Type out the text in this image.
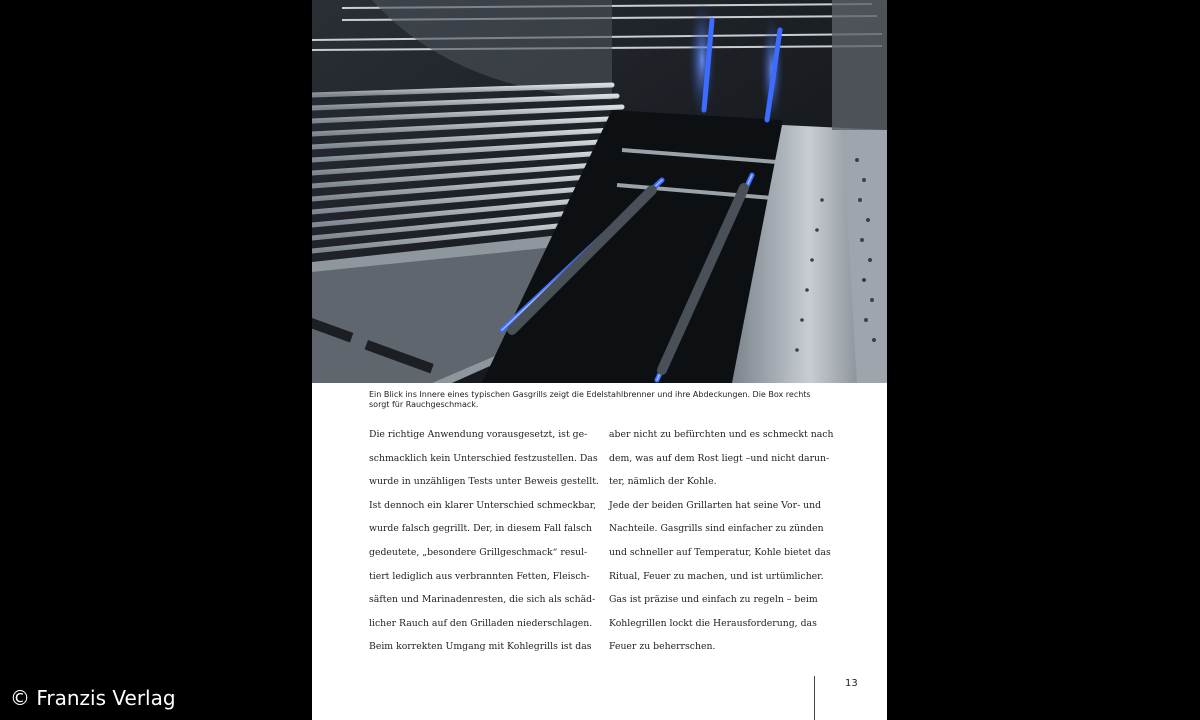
Ein Blick ins Innere eines typischen Gasgrills zeigt die Edelstahlbrenner und ihre Abdeckungen. Die Box rechts sorgt für Rauchgeschmack.
Die richtige Anwendung vorausgesetzt, ist ge-
schmacklich kein Unterschied festzustellen. Das
wurde in unzähligen Tests unter Beweis gestellt.
Ist dennoch ein klarer Unterschied schmeckbar,
wurde falsch gegrillt. Der, in diesem Fall falsch
gedeutete, „besondere Grillgeschmack“ resul-
tiert lediglich aus verbrannten Fetten, Fleisch-
säften und Marinadenresten, die sich als schäd-
licher Rauch auf den Grilladen niederschlagen.
Beim korrekten Umgang mit Kohlegrills ist das
aber nicht zu befürchten und es schmeckt nach
dem, was auf dem Rost liegt –und nicht darun-
ter, nämlich der Kohle.
Jede der beiden Grillarten hat seine Vor- und
Nachteile. Gasgrills sind einfacher zu zünden
und schneller auf Temperatur, Kohle bietet das
Ritual, Feuer zu machen, und ist urtümlicher.
Gas ist präzise und einfach zu regeln – beim
Kohlegrillen lockt die Herausforderung, das
Feuer zu beherrschen.
13
© Franzis Verlag
